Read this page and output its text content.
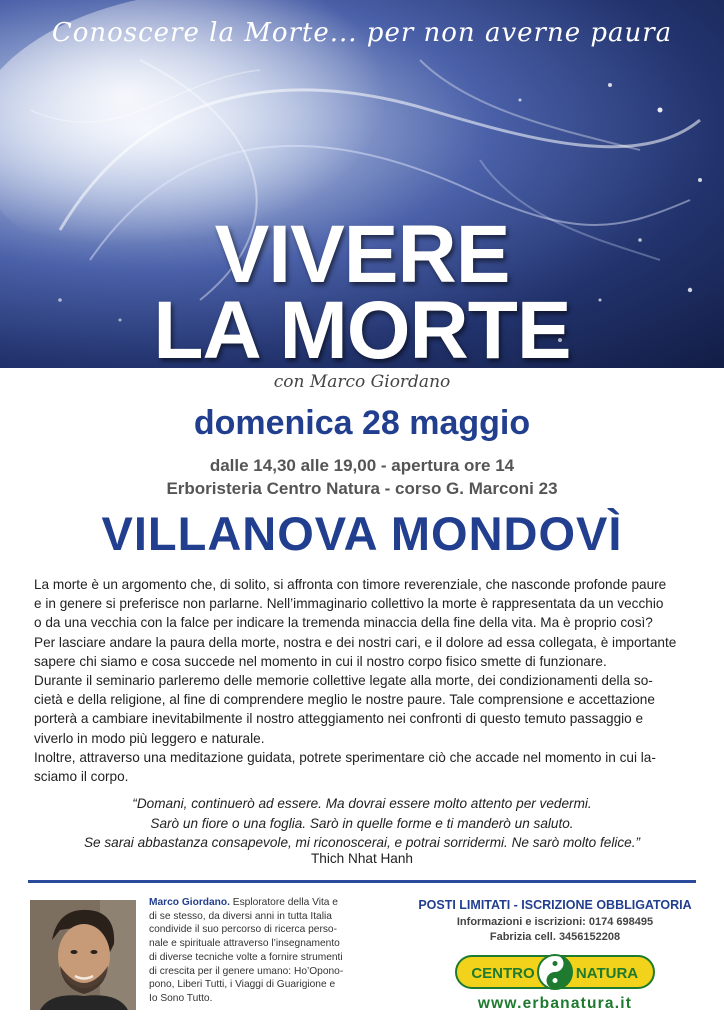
Conoscere la Morte... per non averne paura
VIVERE
LA MORTE
con Marco Giordano
domenica 28 maggio
dalle 14,30 alle 19,00 - apertura ore 14
Erboristeria Centro Natura - corso G. Marconi 23
VILLANOVA MONDOVÌ

La morte è un argomento che, di solito, si affronta con timore reverenziale, che nasconde profonde paure

e in genere si preferisce non parlarne. Nell’immaginario collettivo la morte è rappresentata da un vecchio

o da una vecchia con la falce per indicare la tremenda minaccia della fine della vita. Ma è proprio così?

Per lasciare andare la paura della morte, nostra e dei nostri cari, e il dolore ad essa collegata, è importante

sapere chi siamo e cosa succede nel momento in cui il nostro corpo fisico smette di funzionare.

Durante il seminario parleremo delle memorie collettive legate alla morte, dei condizionamenti della so-

cietà e della religione, al fine di comprendere meglio le nostre paure. Tale comprensione e accettazione

porterà a cambiare inevitabilmente il nostro atteggiamento nei confronti di questo temuto passaggio e

viverlo in modo più leggero e naturale.

Inoltre, attraverso una meditazione guidata, potrete sperimentare ciò che accade nel momento in cui la-

sciamo il corpo.

“Domani, continuerò ad essere. Ma dovrai essere molto attento per vedermi.

Sarò un fiore o una foglia. Sarò in quelle forme e ti manderò un saluto.

Se sarai abbastanza consapevole, mi riconoscerai, e potrai sorridermi. Ne sarò molto felice.”

Thich Nhat Hanh
Marco Giordano. Esploratore della Vita e
di se stesso, da diversi anni in tutta Italia
condivide il suo percorso di ricerca perso-
nale e spirituale attraverso l’insegnamento
di diverse tecniche volte a fornire strumenti
di crescita per il genere umano: Ho’Opono-
pono, Liberi Tutti, i Viaggi di Guarigione e
Io Sono Tutto.
POSTI LIMITATI - ISCRIZIONE OBBLIGATORIA
Informazioni e iscrizioni: 0174 698495
Fabrizia cell. 3456152208
CENTRO	NATURA
www.erbanatura.it
